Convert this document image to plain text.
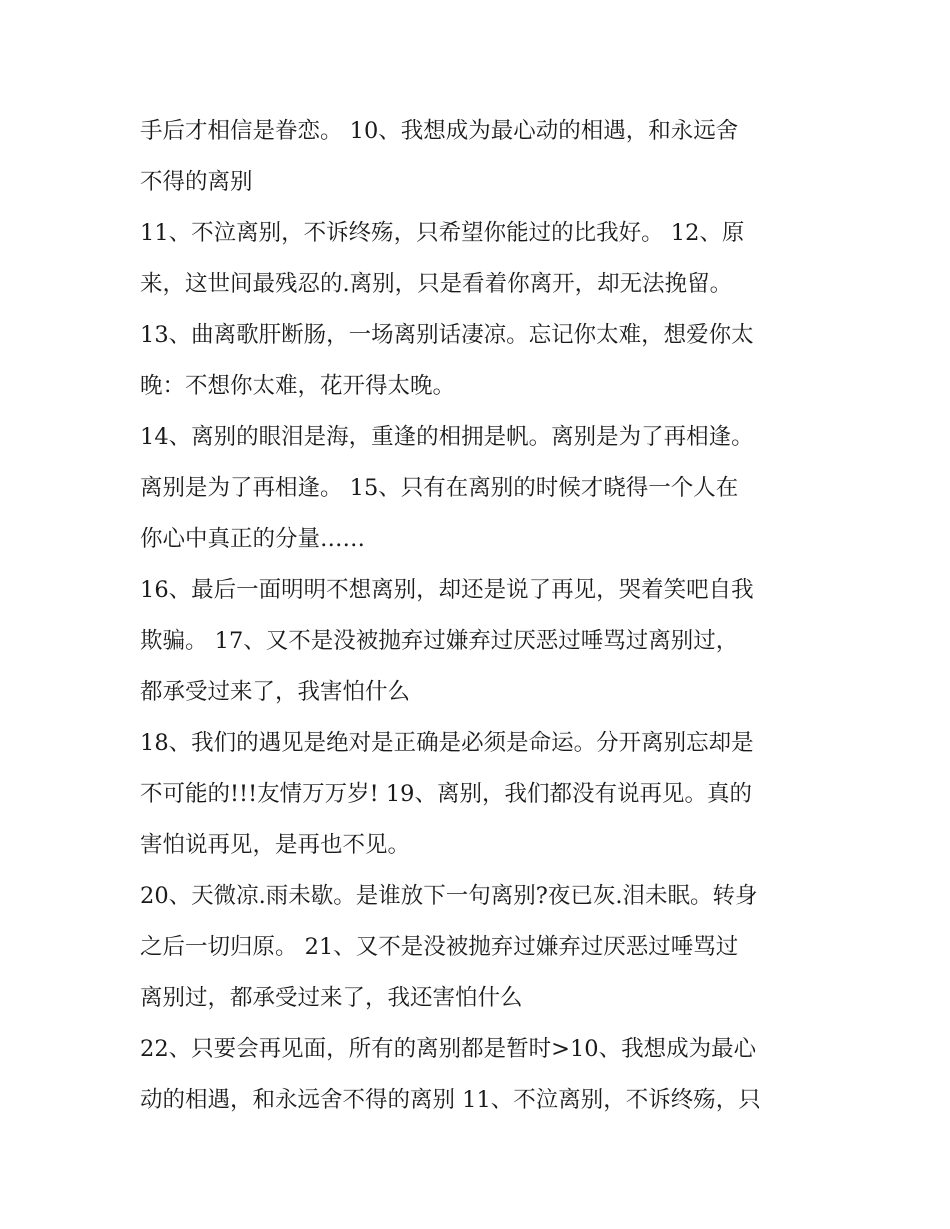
手后才相信是眷恋。 10、我想成为最心动的相遇，和永远舍
不得的离别
11、不泣离别，不诉终殇，只希望你能过的比我好。 12、原
来，这世间最残忍的.离别，只是看着你离开，却无法挽留。
13、曲离歌肝断肠，一场离别话凄凉。忘记你太难，想爱你太
晚：不想你太难，花开得太晚。
14、离别的眼泪是海，重逢的相拥是帆。离别是为了再相逢。
离别是为了再相逢。 15、只有在离别的时候才晓得一个人在
你心中真正的分量……
16、最后一面明明不想离别，却还是说了再见，哭着笑吧自我
欺骗。 17、又不是没被抛弃过嫌弃过厌恶过唾骂过离别过，
都承受过来了，我害怕什么
18、我们的遇见是绝对是正确是必须是命运。分开离别忘却是
不可能的!!!友情万万岁! 19、离别，我们都没有说再见。真的
害怕说再见，是再也不见。
20、天微凉.雨未歇。是谁放下一句离别?夜已灰.泪未眠。转身
之后一切归原。 21、又不是没被抛弃过嫌弃过厌恶过唾骂过
离别过，都承受过来了，我还害怕什么
22、只要会再见面，所有的离别都是暂时>10、我想成为最心
动的相遇，和永远舍不得的离别 11、不泣离别，不诉终殇，只
